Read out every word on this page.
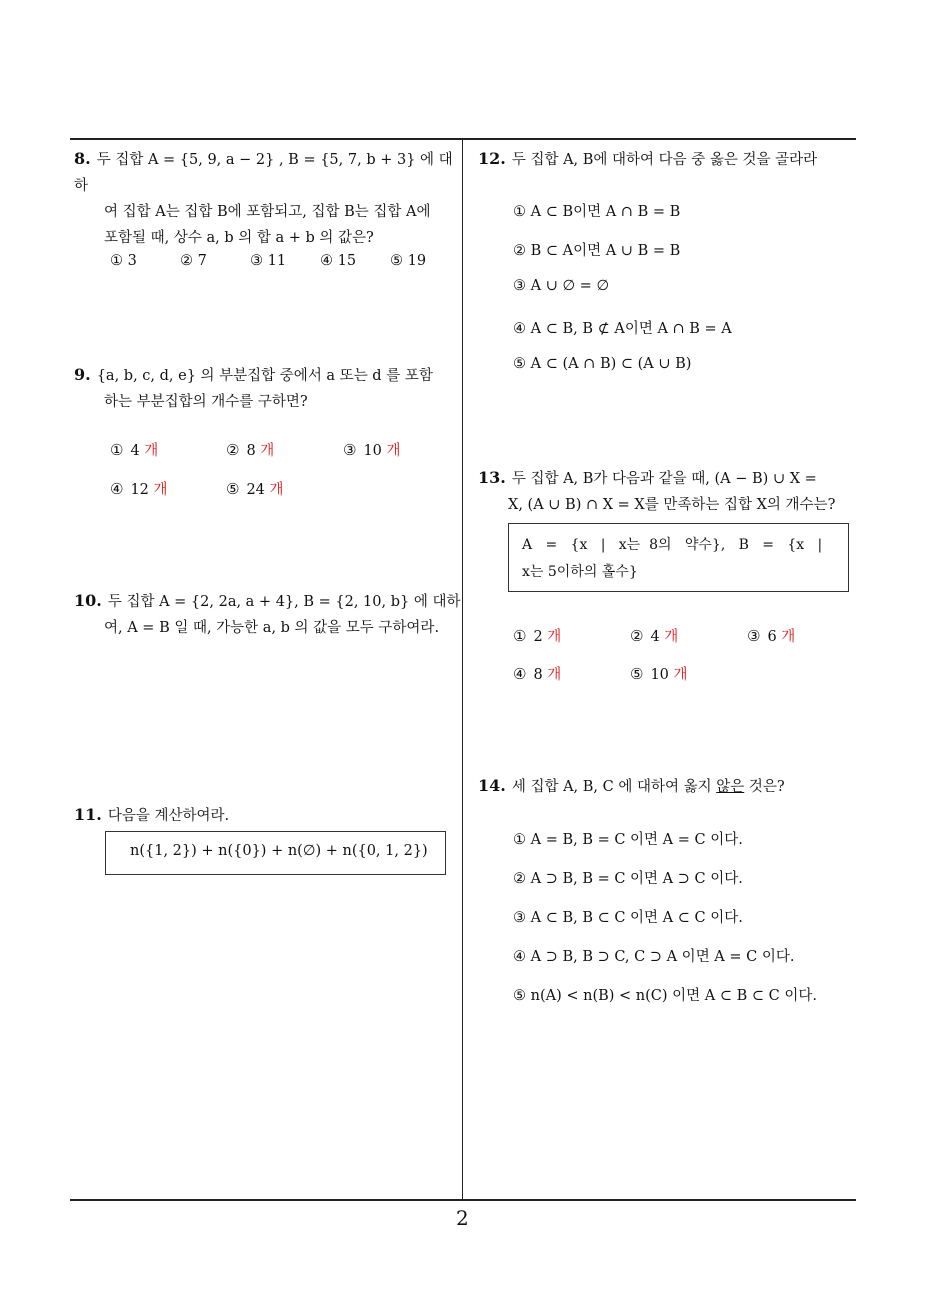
8. 두 집합 A = {5, 9, a − 2} , B = {5, 7, b + 3} 에 대하
여 집합 A는 집합 B에 포함되고, 집합 B는 집합 A에
포함될 때, 상수 a, b 의 합 a + b 의 값은?
① 3	② 7	③ 11 ④ 15 ⑤ 19
9. {a, b, c, d, e} 의 부분집합 중에서 a 또는 d 를 포함
하는 부분집합의 개수를 구하면?
① 4 개	② 8 개	③ 10 개
④ 12 개	⑤ 24 개
10. 두 집합 A = {2, 2a, a + 4}, B = {2, 10, b} 에 대하
여, A = B 일 때, 가능한 a, b 의 값을 모두 구하여라.
11. 다음을 계산하여라.
n({1, 2}) + n({0}) + n(∅) + n({0, 1, 2})
12. 두 집합 A, B에 대하여 다음 중 옳은 것을 골라라
① A ⊂ B이면 A ∩ B = B
② B ⊂ A이면 A ∪ B = B
③ A ∪ ∅ = ∅
④ A ⊂ B, B ⊄ A이면 A ∩ B = A
⑤ A ⊂ (A ∩ B) ⊂ (A ∪ B)
13. 두 집합 A, B가 다음과 같을 때, (A − B) ∪ X =
X, (A ∪ B) ∩ X = X를 만족하는 집합 X의 개수는?
A   =   {x   |   x는  8의   약수},   B   =   {x   |
x는 5이하의 홀수}
① 2 개	② 4 개	③ 6 개
④ 8 개	⑤ 10 개
14. 세 집합 A, B, C 에 대하여 옳지 않은 것은?
① A = B, B = C 이면 A = C 이다.
② A ⊃ B, B = C 이면 A ⊃ C 이다.
③ A ⊂ B, B ⊂ C 이면 A ⊂ C 이다.
④ A ⊃ B, B ⊃ C, C ⊃ A 이면 A = C 이다.
⑤ n(A) < n(B) < n(C) 이면 A ⊂ B ⊂ C 이다.
2
